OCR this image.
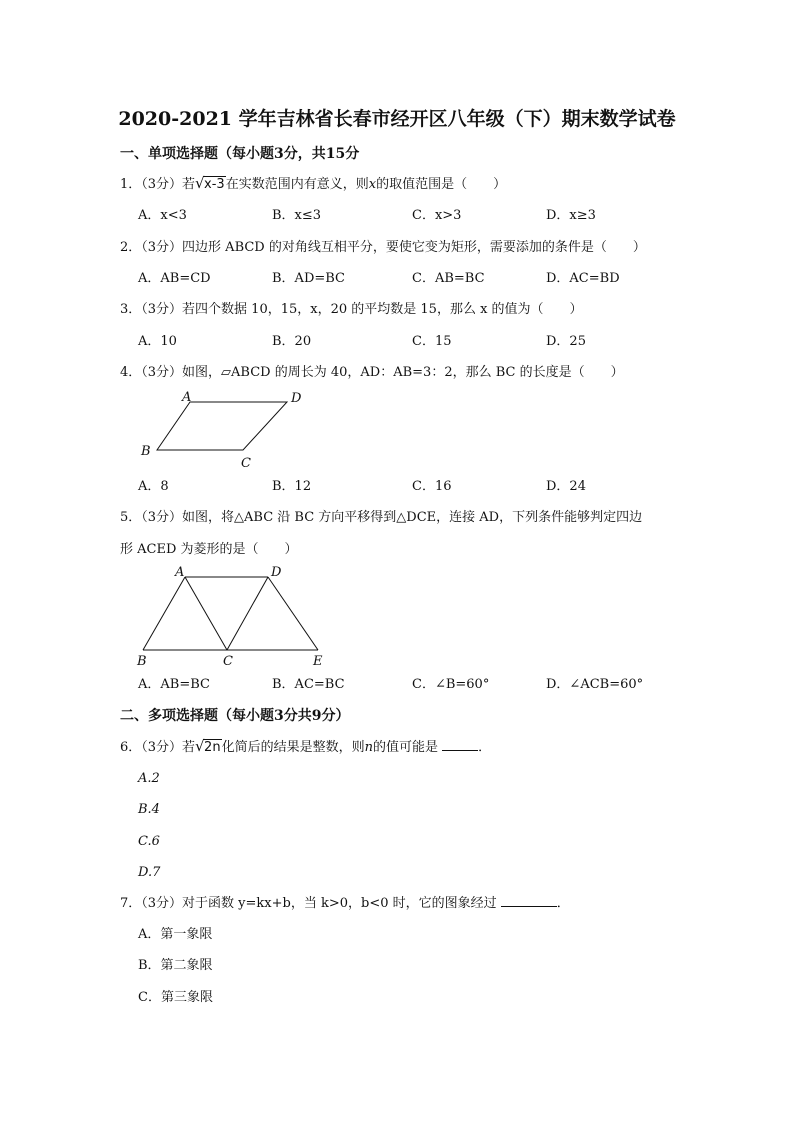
2020-2021 学年吉林省长春市经开区八年级（下）期末数学试卷
一、单项选择题（每小题3分，共15分
1．（3分）若 √ x-3在实数范围内有意义，则x的取值范围是（　　）
A．x<3	B．x≤3	C．x>3	D．x≥3
2．（3分）四边形 ABCD 的对角线互相平分，要使它变为矩形，需要添加的条件是（　　）
A．AB=CD	B．AD=BC	C．AB=BC	D．AC=BD
3．（3分）若四个数据 10，15，x，20 的平均数是 15，那么 x 的值为（　　）
A．10	B．20	C．15	D．25
4．（3分）如图，▱ABCD 的周长为 40，AD：AB=3：2，那么 BC 的长度是（　　）
A	D
B
C
A．8	B．12	C．16	D．24
5．（3分）如图，将△ABC 沿 BC 方向平移得到△DCE，连接 AD，下列条件能够判定四边
形 ACED 为菱形的是（　　）
A	D
B	C	E
A．AB=BC	B．AC=BC	C．∠B=60°	D．∠ACB=60°
二、多项选择题（每小题3分共9分）
6．（3分）若 √ 2n化简后的结果是整数，则n的值可能是	．
A.2
B.4
C.6
D.7
7．（3分）对于函数 y=kx+b，当 k>0，b<0 时，它的图象经过	．
A．第一象限
B．第二象限
C．第三象限
